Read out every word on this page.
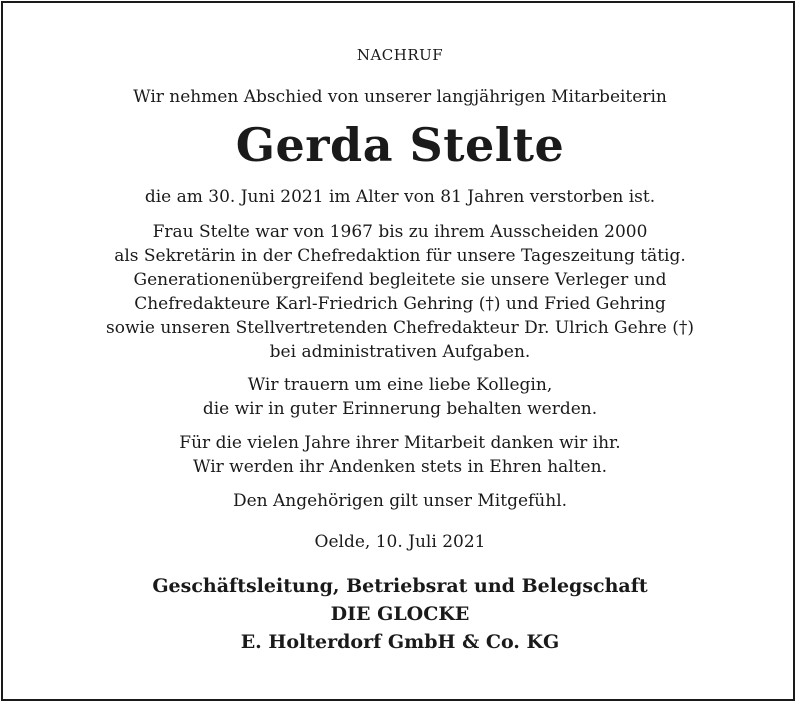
NACHRUF
Wir nehmen Abschied von unserer langjährigen Mitarbeiterin
Gerda Stelte
die am 30. Juni 2021 im Alter von 81 Jahren verstorben ist.
Frau Stelte war von 1967 bis zu ihrem Ausscheiden 2000
als Sekretärin in der Chefredaktion für unsere Tageszeitung tätig.
Generationenübergreifend begleitete sie unsere Verleger und
Chefredakteure Karl-Friedrich Gehring (†) und Fried Gehring
sowie unseren Stellvertretenden Chefredakteur Dr. Ulrich Gehre (†)
bei administrativen Aufgaben.
Wir trauern um eine liebe Kollegin,
die wir in guter Erinnerung behalten werden.
Für die vielen Jahre ihrer Mitarbeit danken wir ihr.
Wir werden ihr Andenken stets in Ehren halten.
Den Angehörigen gilt unser Mitgefühl.
Oelde, 10. Juli 2021
Geschäftsleitung, Betriebsrat und Belegschaft
DIE GLOCKE
E. Holterdorf GmbH & Co. KG
